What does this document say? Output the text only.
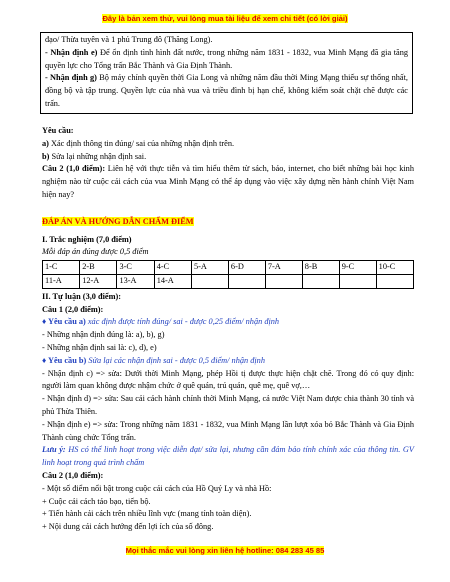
Đây là bản xem thử, vui lòng mua tài liệu để xem chi tiết (có lời giải)

đạo/ Thừa tuyên và 1 phủ Trung đô (Thăng Long).

- Nhận định e) Để ổn định tình hình đất nước, trong những năm 1831 - 1832, vua Minh Mạng đã gia tăng quyền lực cho Tổng trấn Bắc Thành và Gia Định Thành.

- Nhận định g) Bộ máy chính quyền thời Gia Long và những năm đầu thời Ming Mạng thiếu sự thống nhất, đồng bộ và tập trung. Quyền lực của nhà vua và triều đình bị hạn chế, không kiểm soát chặt chẽ được các trấn.

Yêu cầu:

a) Xác định thông tin đúng/ sai của những nhận định trên.

b) Sửa lại những nhận định sai.

Câu 2 (1,0 điểm): Liên hệ với thực tiễn và tìm hiểu thêm từ sách, báo, internet, cho biết những bài học kinh nghiệm nào từ cuộc cải cách của vua Minh Mạng có thể áp dụng vào việc xây dựng nền hành chính Việt Nam hiện nay?

ĐÁP ÁN VÀ HƯỚNG DẪN CHẤM ĐIỂM

I. Trắc nghiệm (7,0 điểm)

Mỗi đáp án đúng được 0,5 điểm

1-C	2-B	3-C	4-C	5-A	6-D	7-A	8-B	9-C	10-C
11-A	12-A	13-A	14-A						

II. Tự luận (3,0 điểm):

Câu 1 (2,0 điểm):

♦ Yêu cầu a) xác định được tính đúng/ sai - được 0,25 điểm/ nhận định

- Những nhận định đúng là: a), b), g)

- Những nhận định sai là: c), d), e)

♦ Yêu cầu b) Sửa lại các nhận định sai - được 0,5 điểm/ nhận định

- Nhận định c) => sửa: Dưới thời Minh Mạng, phép Hồi tị được thực hiện chặt chẽ. Trong đó có quy định: người làm quan không được nhậm chức ở quê quán, trú quán, quê mẹ, quê vợ,…

- Nhận định d) => sửa: Sau cải cách hành chính thời Minh Mạng, cả nước Việt Nam được chia thành 30 tỉnh và phủ Thừa Thiên.

- Nhận định e) => sửa: Trong những năm 1831 - 1832, vua Minh Mạng lần lượt xóa bỏ Bắc Thành và Gia Định Thành cùng chức Tổng trấn.

Lưu ý: HS có thể linh hoạt trong việc diễn đạt/ sửa lại, nhưng cần đảm bảo tính chính xác của thông tin. GV linh hoạt trong quá trình chấm

Câu 2 (1,0 điểm):

- Một số điểm nổi bật trong cuộc cải cách của Hồ Quý Ly và nhà Hồ:

+ Cuộc cải cách táo bạo, tiến bộ.

+ Tiến hành cải cách trên nhiều lĩnh vực (mang tính toàn diện).

+ Nội dung cải cách hướng đến lợi ích của số đông.

Mọi thắc mắc vui lòng xin liên hệ hotline: 084 283 45 85
